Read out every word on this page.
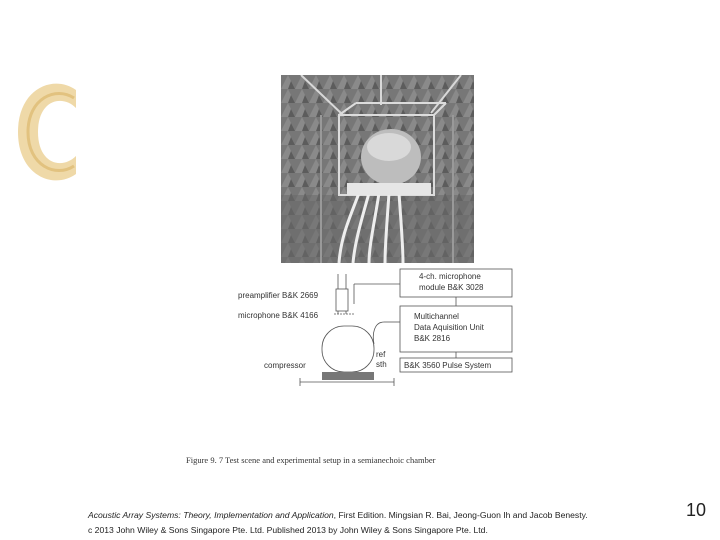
4-ch. microphone
module B&K 3028
Multichannel
Data Aquisition Unit
B&K 2816
B&K 3560 Pulse System
preamplifier B&K 2669
microphone B&K 4166
compressor
ref
sth
Figure 9. 7 Test scene and experimental setup in a semianechoic chamber
Acoustic Array Systems: Theory, Implementation and Application, First Edition. Mingsian R. Bai, Jeong-Guon Ih and Jacob Benesty.
c 2013 John Wiley & Sons Singapore Pte. Ltd. Published 2013 by John Wiley & Sons Singapore Pte. Ltd.
10
